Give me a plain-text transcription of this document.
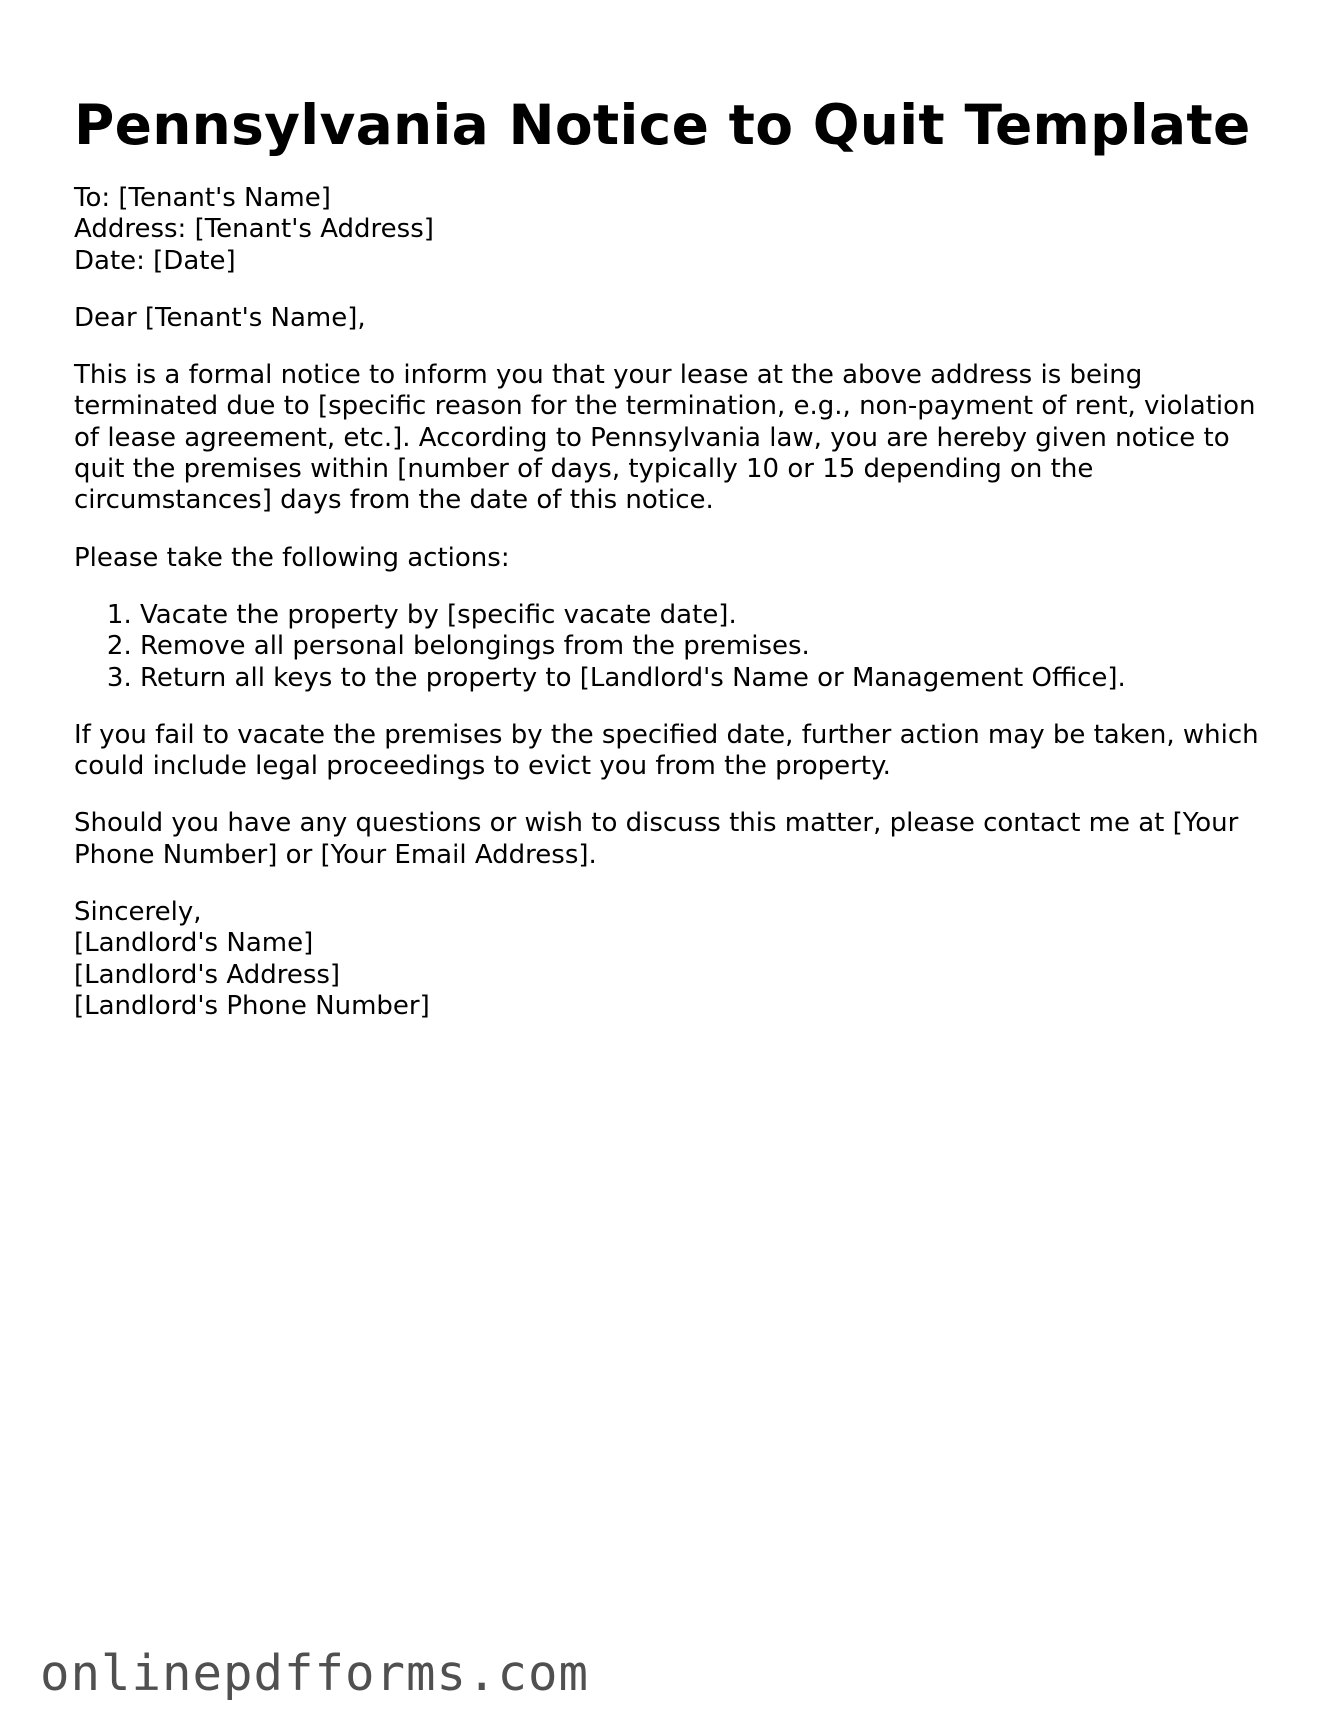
Pennsylvania Notice to Quit Template

To: [Tenant's Name]
Address: [Tenant's Address]
Date: [Date]

Dear [Tenant's Name],

This is a formal notice to inform you that your lease at the above address is being terminated due to [specific reason for the termination, e.g., non-payment of rent, violation of lease agreement, etc.]. According to Pennsylvania law, you are hereby given notice to quit the premises within [number of days, typically 10 or 15 depending on the circumstances] days from the date of this notice.

Please take the following actions:

1. Vacate the property by [specific vacate date].
2. Remove all personal belongings from the premises.
3. Return all keys to the property to [Landlord's Name or Management Office].

If you fail to vacate the premises by the specified date, further action may be taken, which could include legal proceedings to evict you from the property.

Should you have any questions or wish to discuss this matter, please contact me at [Your Phone Number] or [Your Email Address].

Sincerely,
[Landlord's Name]
[Landlord's Address]
[Landlord's Phone Number]

onlinepdfforms.com
